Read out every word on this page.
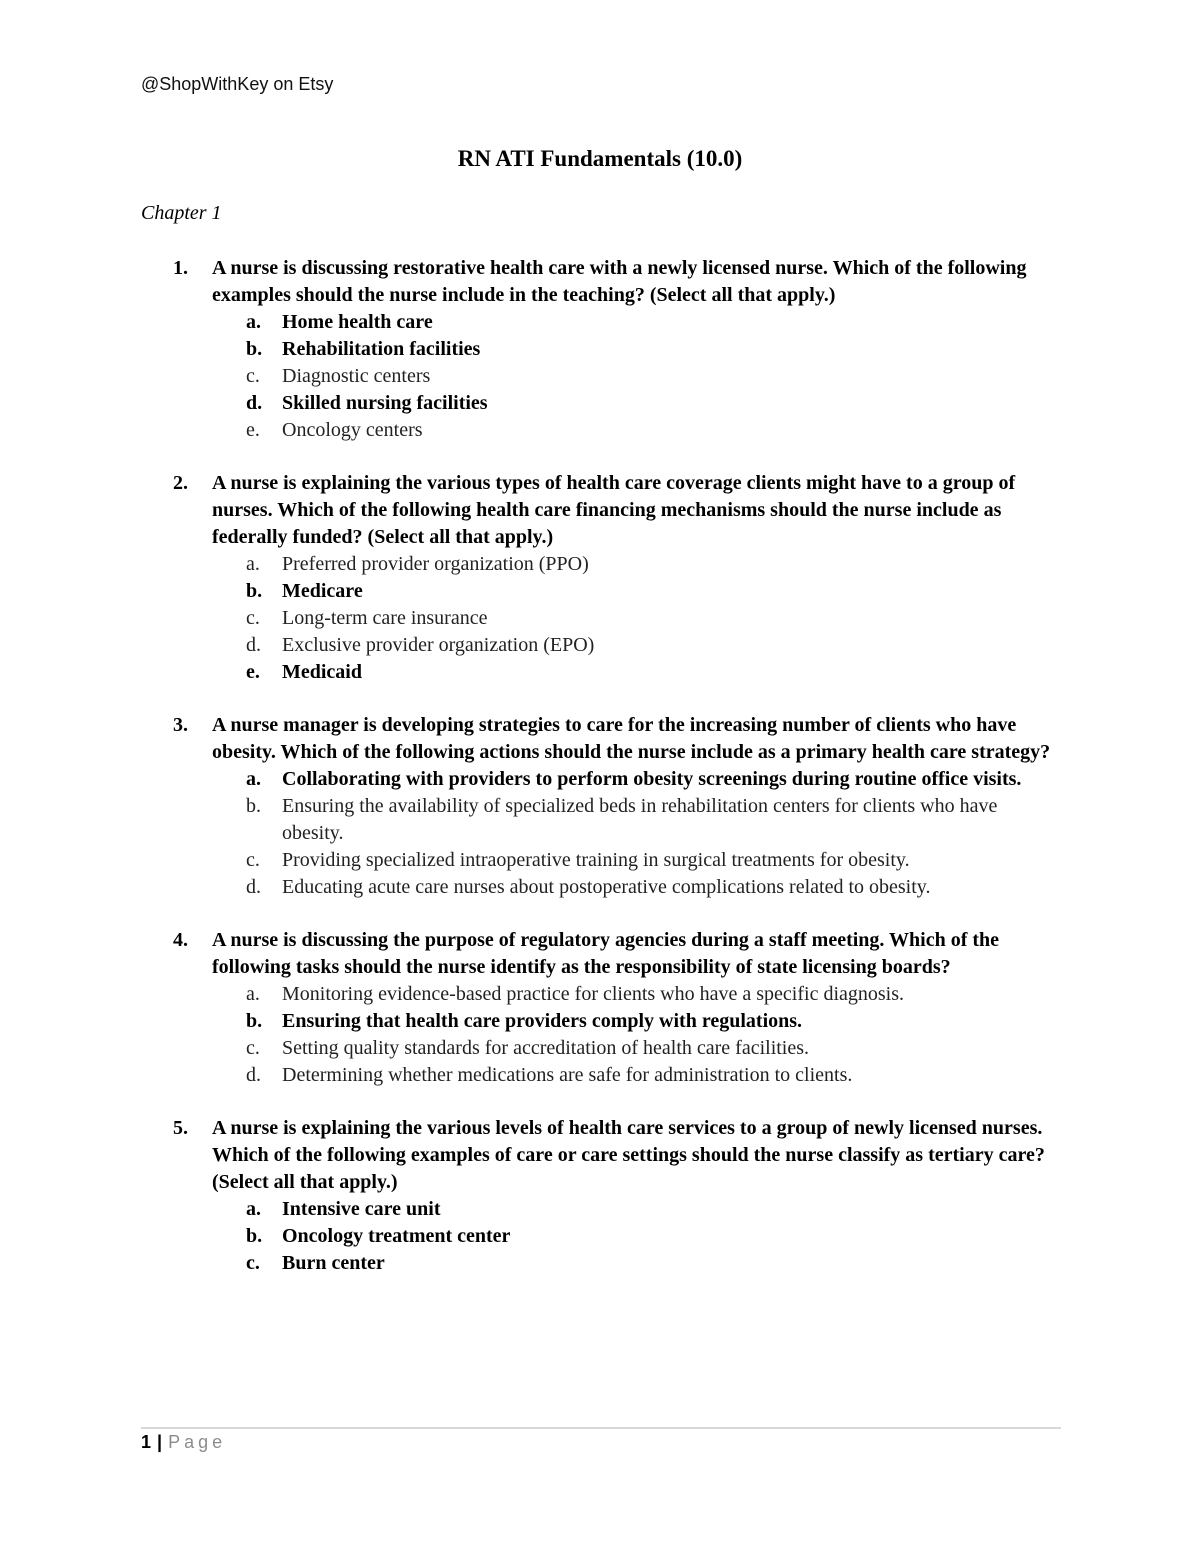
@ShopWithKey on Etsy
RN ATI Fundamentals (10.0)
Chapter 1
1. A nurse is discussing restorative health care with a newly licensed nurse. Which of the following examples should the nurse include in the teaching? (Select all that apply.)
a. Home health care
b. Rehabilitation facilities
c. Diagnostic centers
d. Skilled nursing facilities
e. Oncology centers
2. A nurse is explaining the various types of health care coverage clients might have to a group of nurses. Which of the following health care financing mechanisms should the nurse include as federally funded? (Select all that apply.)
a. Preferred provider organization (PPO)
b. Medicare
c. Long-term care insurance
d. Exclusive provider organization (EPO)
e. Medicaid
3. A nurse manager is developing strategies to care for the increasing number of clients who have obesity. Which of the following actions should the nurse include as a primary health care strategy?
a. Collaborating with providers to perform obesity screenings during routine office visits.
b. Ensuring the availability of specialized beds in rehabilitation centers for clients who have obesity.
c. Providing specialized intraoperative training in surgical treatments for obesity.
d. Educating acute care nurses about postoperative complications related to obesity.
4. A nurse is discussing the purpose of regulatory agencies during a staff meeting. Which of the following tasks should the nurse identify as the responsibility of state licensing boards?
a. Monitoring evidence-based practice for clients who have a specific diagnosis.
b. Ensuring that health care providers comply with regulations.
c. Setting quality standards for accreditation of health care facilities.
d. Determining whether medications are safe for administration to clients.
5. A nurse is explaining the various levels of health care services to a group of newly licensed nurses. Which of the following examples of care or care settings should the nurse classify as tertiary care? (Select all that apply.)
a. Intensive care unit
b. Oncology treatment center
c. Burn center
1 | Page
